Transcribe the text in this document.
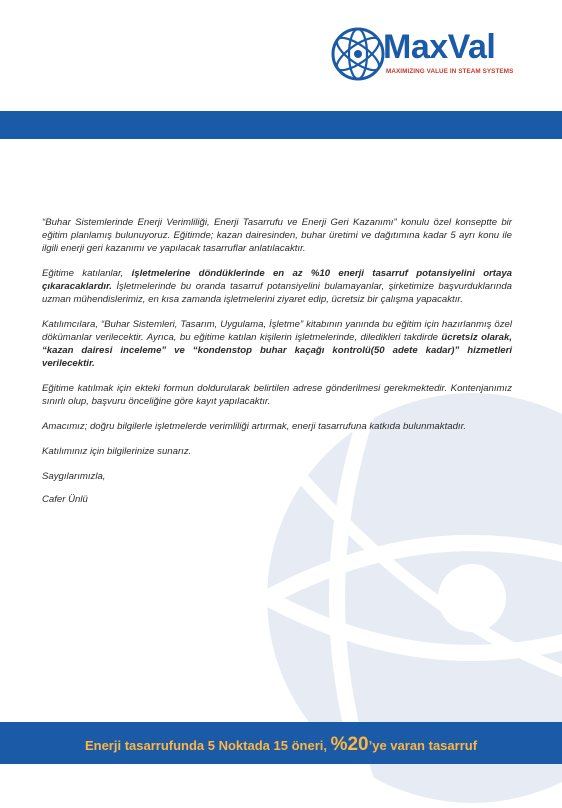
MaxVal
MAXIMIZING VALUE IN STEAM SYSTEMS

“Buhar Sistemlerinde Enerji Verimliliği, Enerji Tasarrufu ve Enerji Geri Kazanımı” konulu özel konseptte bir eğitim planlamış bulunuyoruz. Eğitimde; kazan dairesinden, buhar üretimi ve dağıtımına kadar 5 ayrı konu ile ilgili enerji geri kazanımı ve yapılacak tasarruflar anlatılacaktır.

Eğitime katılanlar, işletmelerine döndüklerinde en az %10 enerji tasarruf potansiyelini ortaya çıkaracaklardır. İşletmelerinde bu oranda tasarruf potansiyelini bulamayanlar, şirketimize başvurduklarında uzman mühendislerimiz, en kısa zamanda işletmelerini ziyaret edip, ücretsiz bir çalışma yapacaktır.

Katılımcılara, “Buhar Sistemleri, Tasarım, Uygulama, İşletme” kitabının yanında bu eğitim için hazırlanmış özel dökümanlar verilecektir. Ayrıca, bu eğitime katılan kişilerin işletmelerinde, diledikleri takdirde ücretsiz olarak, “kazan dairesi inceleme” ve “kondenstop buhar kaçağı kontrolü(50 adete kadar)” hizmetleri verilecektir.

Eğitime katılmak için ekteki formun doldurularak belirtilen adrese gönderilmesi gerekmektedir. Kontenjanımız sınırlı olup, başvuru önceliğine göre kayıt yapılacaktır.

Amacımız; doğru bilgilerle işletmelerde verimliliği artırmak, enerji tasarrufuna katkıda bulunmaktadır.

Katılımınız için bilgilerinize sunarız.

Saygılarımızla,

Cafer Ünlü

Enerji tasarrufunda 5 Noktada 15 öneri, %20’ye varan tasarruf
